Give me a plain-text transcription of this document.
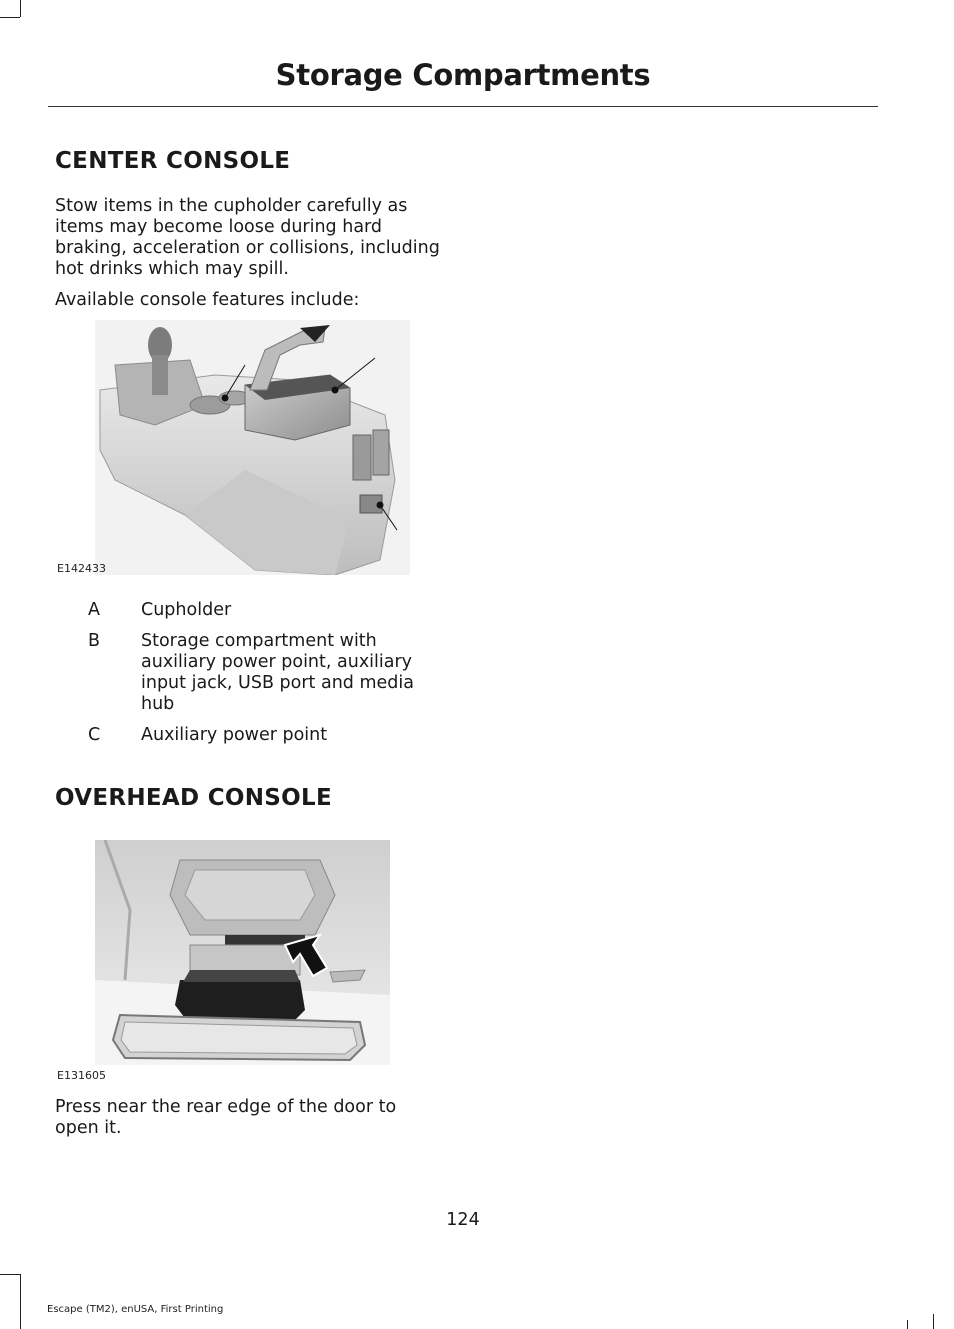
Storage Compartments
CENTER CONSOLE
Stow items in the cupholder carefully as items may become loose during hard braking, acceleration or collisions, including hot drinks which may spill.
Available console features include:
E142433
A Cupholder
B Storage compartment with auxiliary power point, auxiliary input jack, USB port and media hub
C Auxiliary power point
OVERHEAD CONSOLE
E131605
Press near the rear edge of the door to open it.
124
Escape (TM2), enUSA, First Printing
